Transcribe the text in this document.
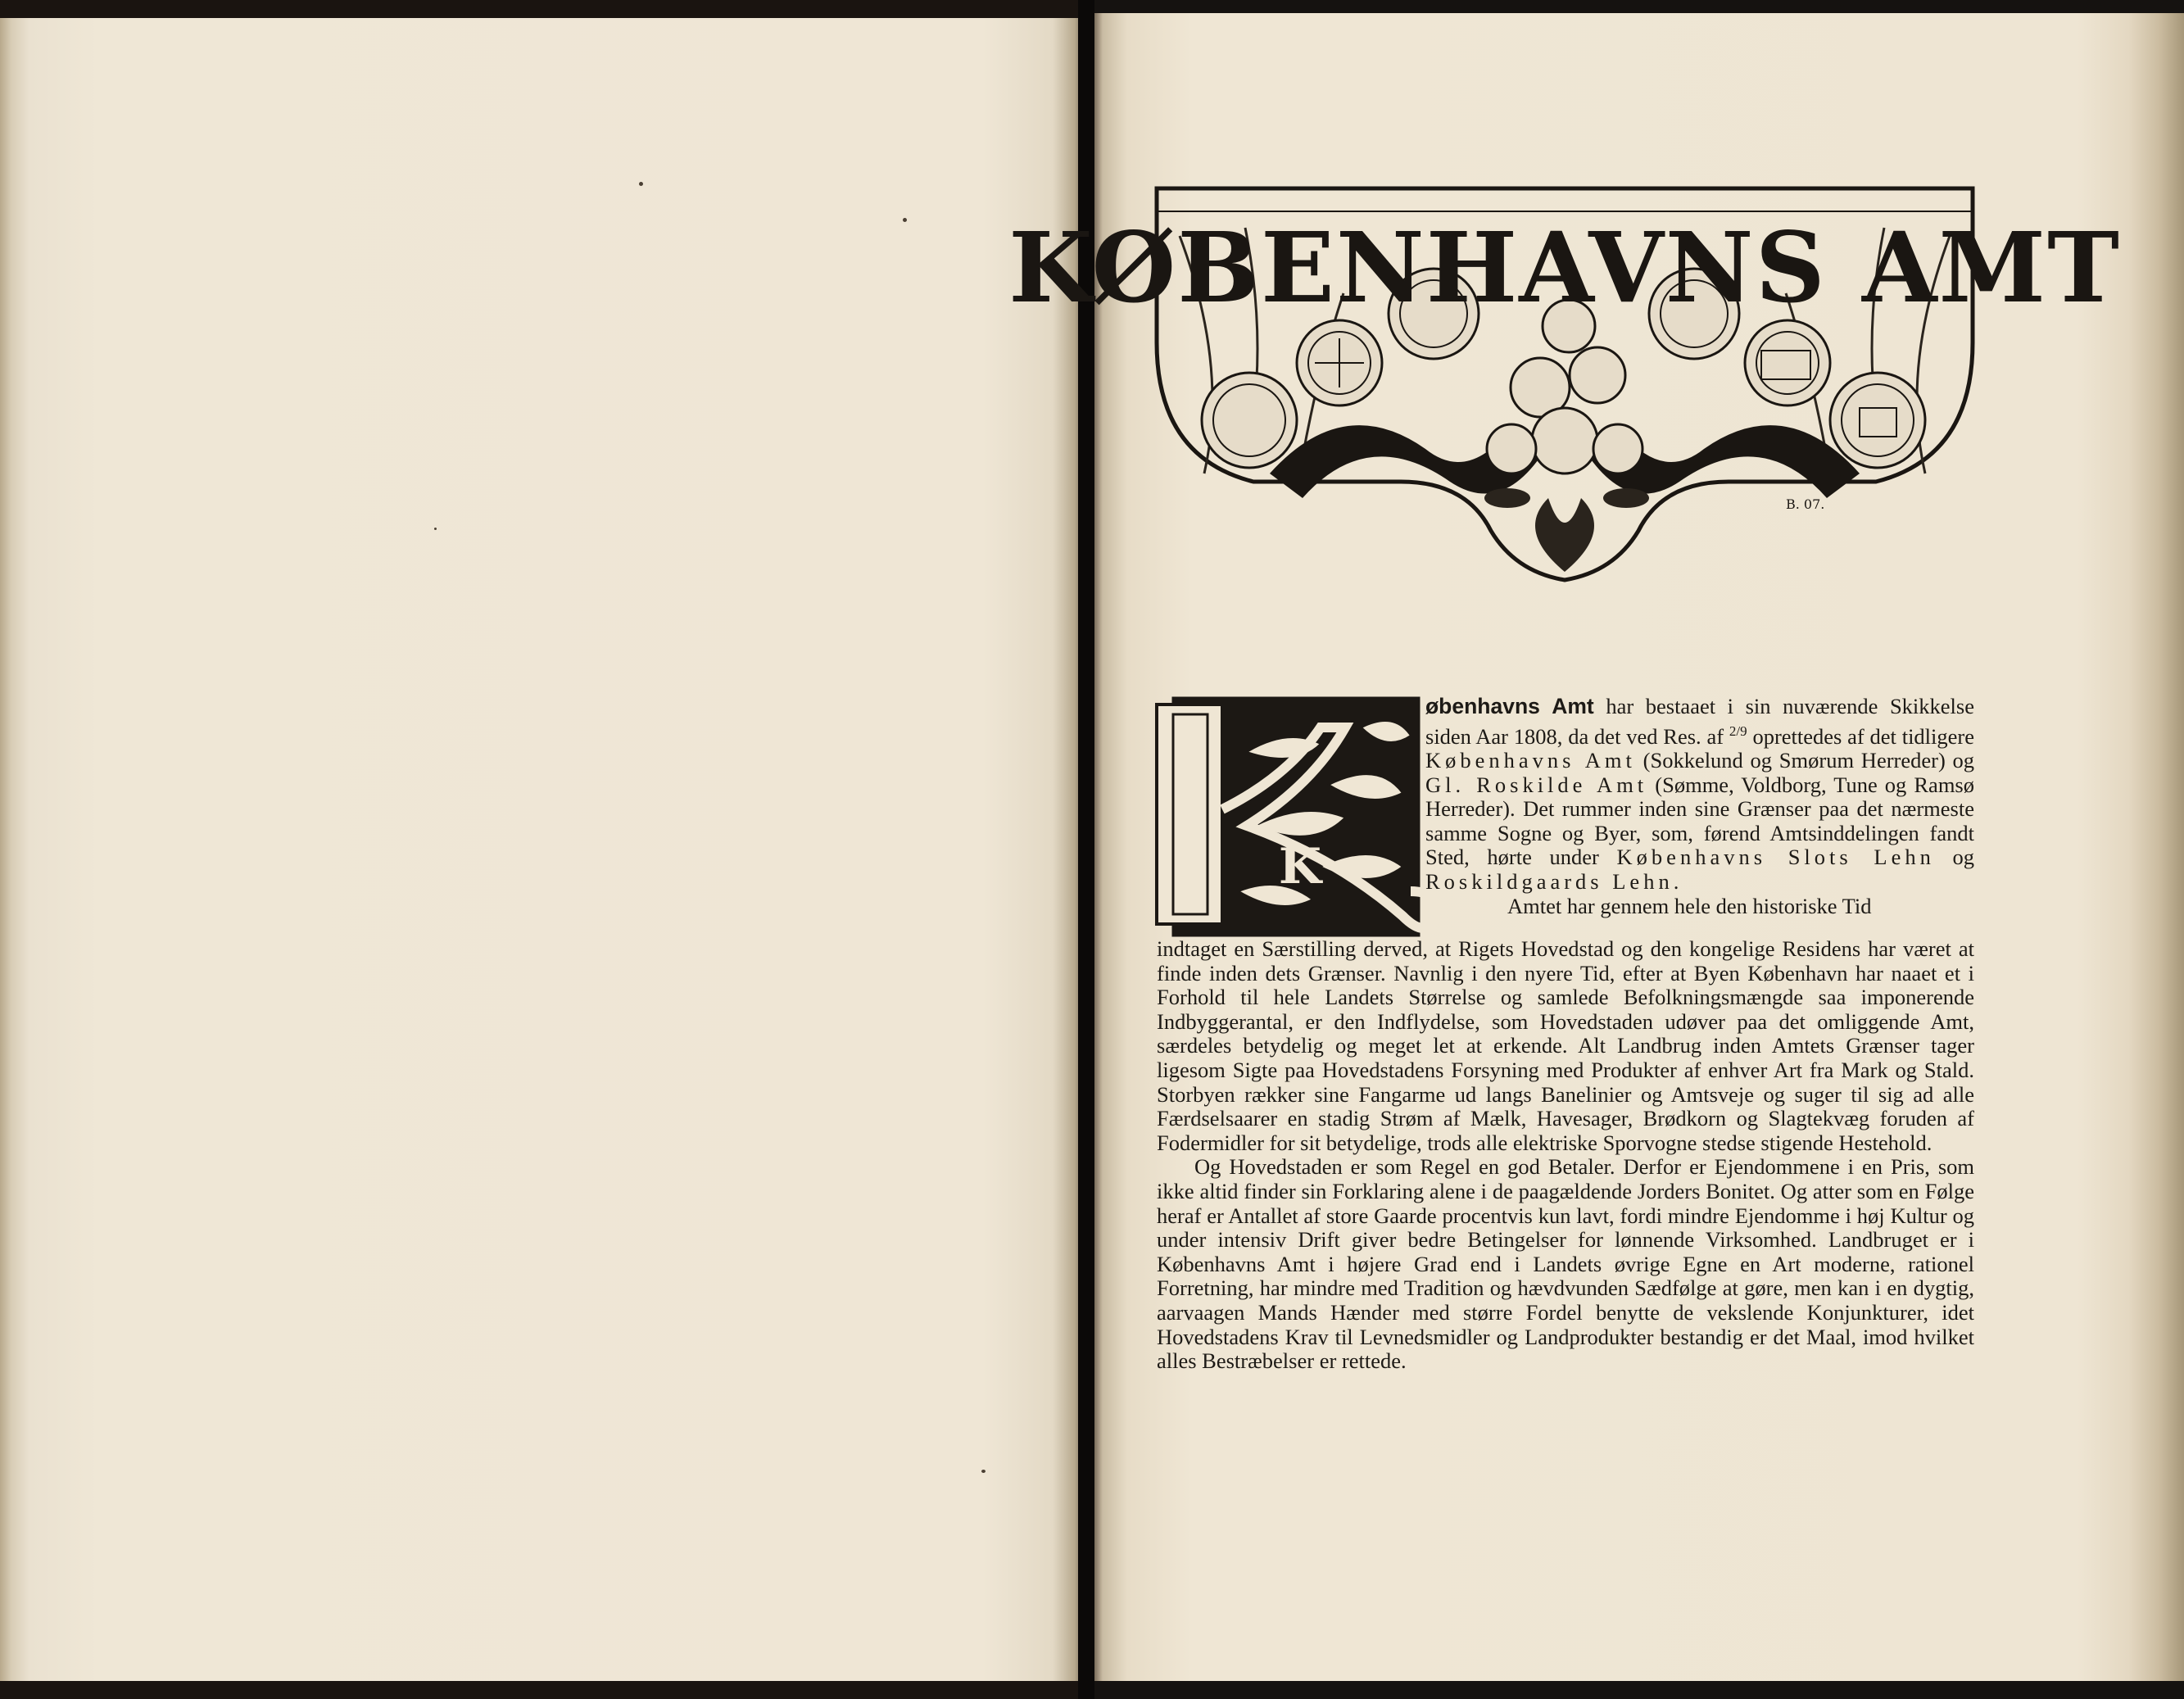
KØBENHAVNS AMT
B. 07.
K

øbenhavns Amt har bestaaet i sin nuværende Skikkelse siden Aar 1808, da det ved Res. af $^{2/9}$ oprettedes af det tidligere Københavns Amt (Sokkelund og Smørum Herreder) og Gl. Roskilde Amt (Sømme, Voldborg, Tune og Ramsø Herreder). Det rummer inden sine Grænser paa det nærmeste samme Sogne og Byer, som, førend Amtsinddelingen fandt Sted, hørte under Københavns Slots Lehn og Roskildgaards Lehn.

Amtet har gennem hele den historiske Tid

indtaget en Særstilling derved, at Rigets Hovedstad og den kongelige Residens har været at finde inden dets Grænser. Navnlig i den nyere Tid, efter at Byen København har naaet et i Forhold til hele Landets Størrelse og samlede Befolkningsmængde saa imponerende Indbyggerantal, er den Indflydelse, som Hovedstaden udøver paa det omliggende Amt, særdeles betydelig og meget let at erkende. Alt Landbrug inden Amtets Grænser tager ligesom Sigte paa Hovedstadens Forsyning med Produkter af enhver Art fra Mark og Stald. Storbyen rækker sine Fangarme ud langs Banelinier og Amtsveje og suger til sig ad alle Færdselsaarer en stadig Strøm af Mælk, Havesager, Brødkorn og Slagtekvæg foruden af Fodermidler for sit betydelige, trods alle elektriske Sporvogne stedse stigende Hestehold.

Og Hovedstaden er som Regel en god Betaler. Derfor er Ejendommene i en Pris, som ikke altid finder sin Forklaring alene i de paagældende Jorders Bonitet. Og atter som en Følge heraf er Antallet af store Gaarde procentvis kun lavt, fordi mindre Ejendomme i høj Kultur og under intensiv Drift giver bedre Betingelser for lønnende Virksomhed. Landbruget er i Københavns Amt i højere Grad end i Landets øvrige Egne en Art moderne, rationel Forretning, har mindre med Tradition og hævdvunden Sædfølge at gøre, men kan i en dygtig, aarvaagen Mands Hænder med større Fordel benytte de vekslende Konjunkturer, idet Hovedstadens Krav til Levnedsmidler og Landprodukter bestandig er det Maal, imod hvilket alles Bestræbelser er rettede.
